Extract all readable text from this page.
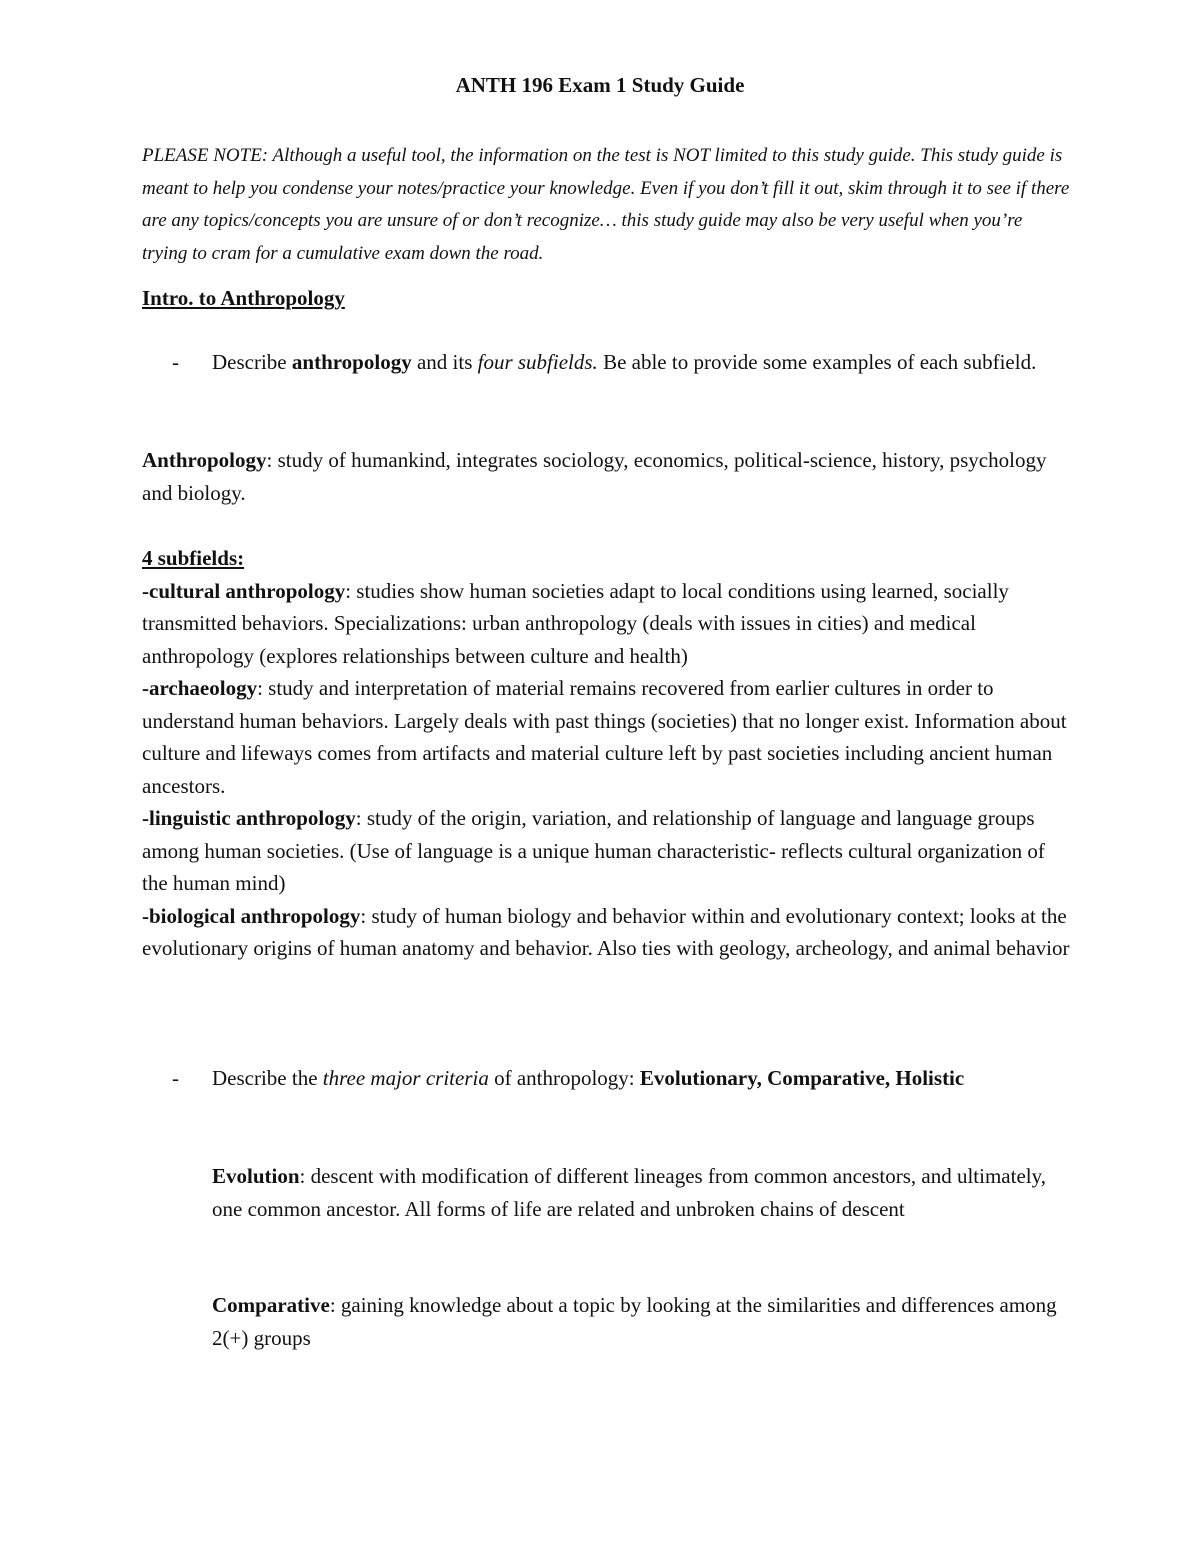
ANTH 196 Exam 1 Study Guide

PLEASE NOTE: Although a useful tool, the information on the test is NOT limited to this study guide. This study guide is meant to help you condense your notes/practice your knowledge. Even if you don’t fill it out, skim through it to see if there are any topics/concepts you are unsure of or don’t recognize… this study guide may also be very useful when you’re trying to cram for a cumulative exam down the road.

Intro. to Anthropology
- Describe anthropology and its four subfields. Be able to provide some examples of each subfield.

Anthropology: study of humankind, integrates sociology, economics, political-science, history, psychology and biology.

4 subfields:

-cultural anthropology: studies show human societies adapt to local conditions using learned, socially transmitted behaviors. Specializations: urban anthropology (deals with issues in cities) and medical anthropology (explores relationships between culture and health)

-archaeology: study and interpretation of material remains recovered from earlier cultures in order to understand human behaviors. Largely deals with past things (societies) that no longer exist. Information about culture and lifeways comes from artifacts and material culture left by past societies including ancient human ancestors.

-linguistic anthropology: study of the origin, variation, and relationship of language and language groups among human societies. (Use of language is a unique human characteristic- reflects cultural organization of the human mind)

-biological anthropology: study of human biology and behavior within and evolutionary context; looks at the evolutionary origins of human anatomy and behavior. Also ties with geology, archeology, and animal behavior

- Describe the three major criteria of anthropology: Evolutionary, Comparative, Holistic

Evolution: descent with modification of different lineages from common ancestors, and ultimately, one common ancestor. All forms of life are related and unbroken chains of descent

Comparative: gaining knowledge about a topic by looking at the similarities and differences among 2(+) groups
